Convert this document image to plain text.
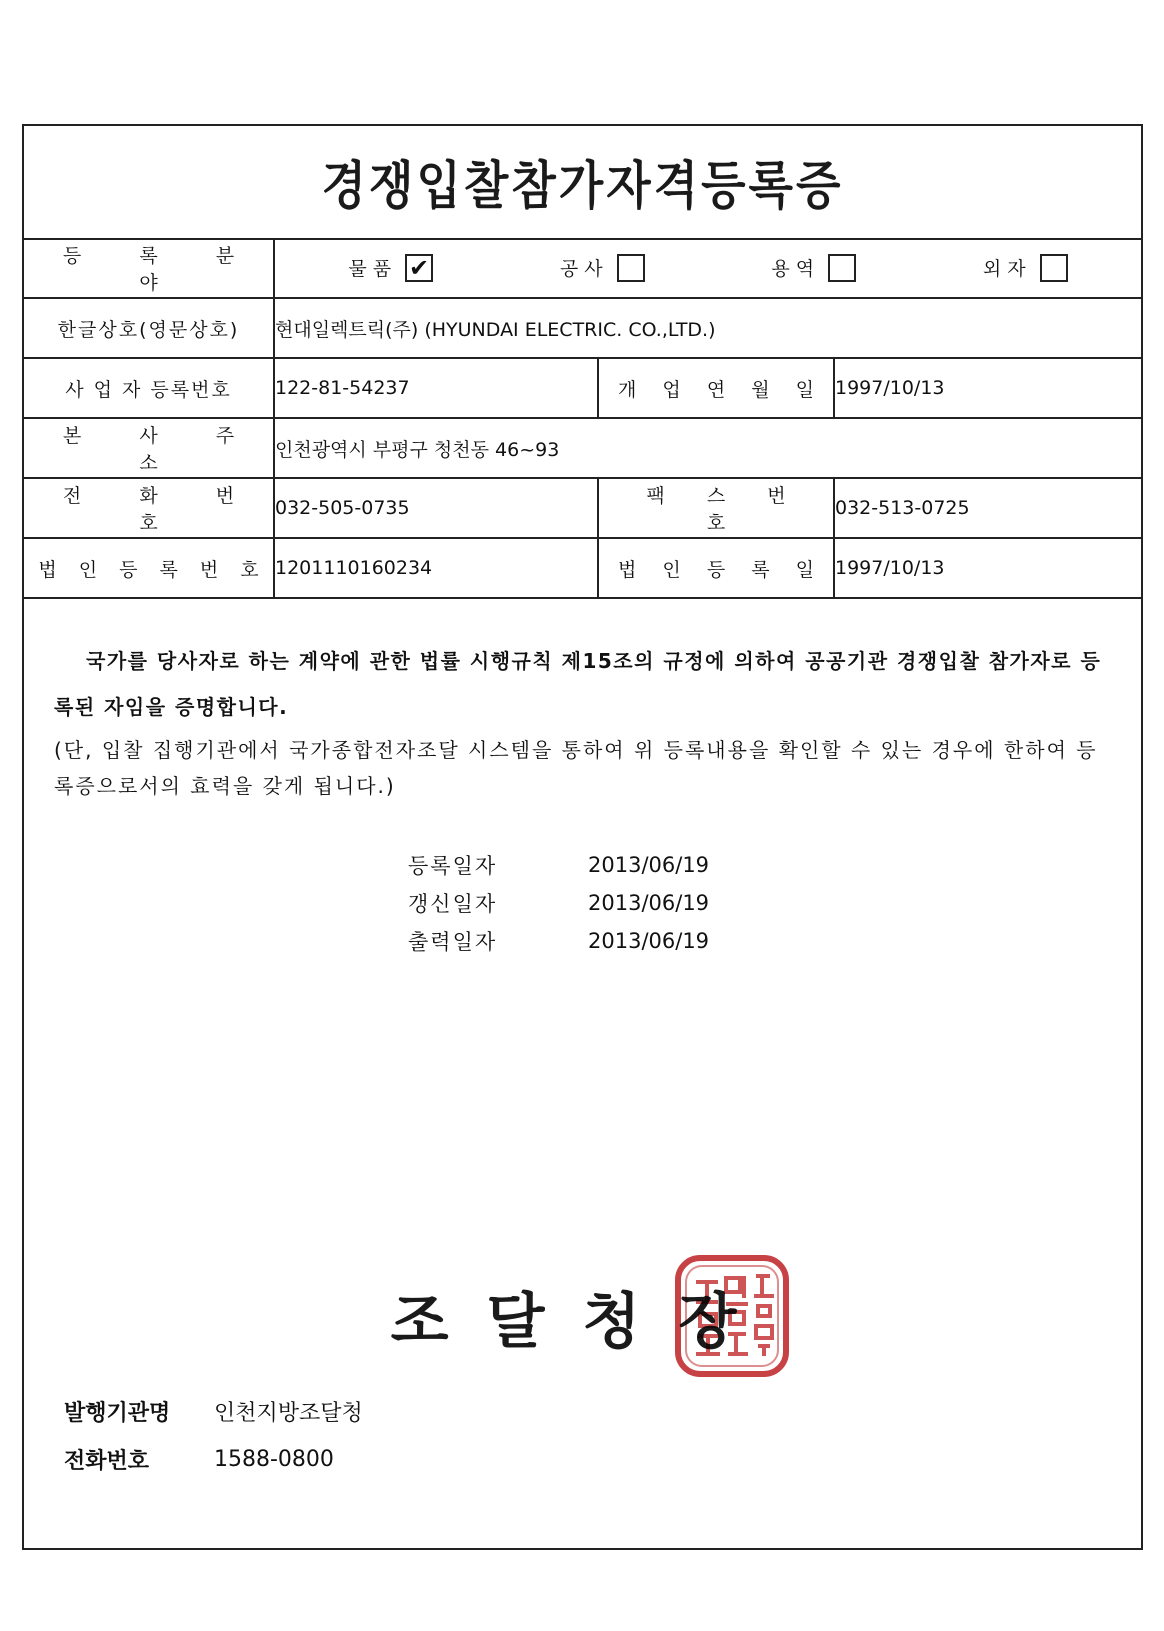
경쟁입찰참가자격등록증
등 록 분 야	물품 ✔ 공사 용역 외자		

한글상호(영문상호)	현대일렉트릭(주) (HYUNDAI ELECTRIC. CO.,LTD.)		
사 업 자 등록번호	122-81-54237	개 업 연 월 일	1997/10/13
본 사 주 소	인천광역시 부평구 청천동 46~93		
전 화 번 호	032-505-0735	팩 스 번 호	032-513-0725
법 인 등 록 번 호	1201110160234	법 인 등 록 일	1997/10/13
국가를 당사자로 하는 계약에 관한 법률 시행규칙 제15조의 규정에 의하여 공공기관 경쟁입찰 참가자로 등록된 자임을 증명합니다.
(단, 입찰 집행기관에서 국가종합전자조달 시스템을 통하여 위 등록내용을 확인할 수 있는 경우에 한하여 등록증으로서의 효력을 갖게 됩니다.)
등록일자	2013/06/19
갱신일자	2013/06/19
출력일자	2013/06/19
조달청장
발행기관명	인천지방조달청
전화번호	1588-0800
